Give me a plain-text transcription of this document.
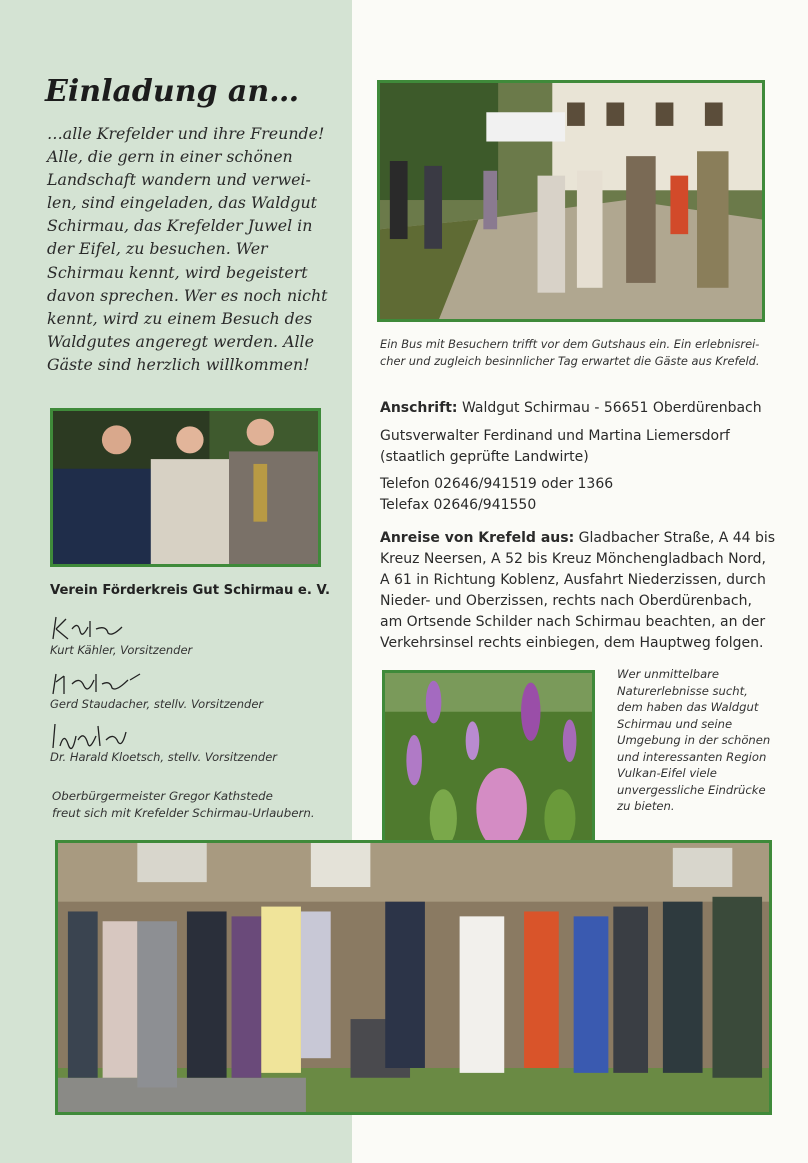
Einladung an…
…alle Krefelder und ihre Freunde!
Alle, die gern in einer schönen
Landschaft wandern und verwei-
len, sind eingeladen, das Waldgut
Schirmau, das Krefelder Juwel in
der Eifel, zu besuchen. Wer
Schirmau kennt, wird begeistert
davon sprechen. Wer es noch nicht
kennt, wird zu einem Besuch des
Waldgutes angeregt werden. Alle
Gäste sind herzlich willkommen!
Ein Bus mit Besuchern trifft vor dem Gutshaus ein. Ein erlebnisrei-
cher und zugleich besinnlicher Tag erwartet die Gäste aus Krefeld.
Verein Förderkreis Gut Schirmau e. V.
Kurt Kähler, Vorsitzender
Gerd Staudacher, stellv. Vorsitzender
Dr. Harald Kloetsch, stellv. Vorsitzender
Oberbürgermeister Gregor Kathstede
freut sich mit Krefelder Schirmau-Urlaubern.
Anschrift: Waldgut Schirmau - 56651 Oberdürenbach
Gutsverwalter Ferdinand und Martina Liemersdorf
(staatlich geprüfte Landwirte)
Telefon 02646/941519 oder 1366
Telefax 02646/941550
Anreise von Krefeld aus: Gladbacher Straße, A 44 bis
Kreuz Neersen, A 52 bis Kreuz Mönchengladbach Nord,
A 61 in Richtung Koblenz, Ausfahrt Niederzissen, durch
Nieder- und Oberzissen, rechts nach Oberdürenbach,
am Ortsende Schilder nach Schirmau beachten, an der
Verkehrsinsel rechts einbiegen, dem Hauptweg folgen.
Wer unmittelbare
Naturerlebnisse sucht,
dem haben das Waldgut
Schirmau und seine
Umgebung in der schönen
und interessanten Region
Vulkan-Eifel viele
unvergessliche Eindrücke
zu bieten.
